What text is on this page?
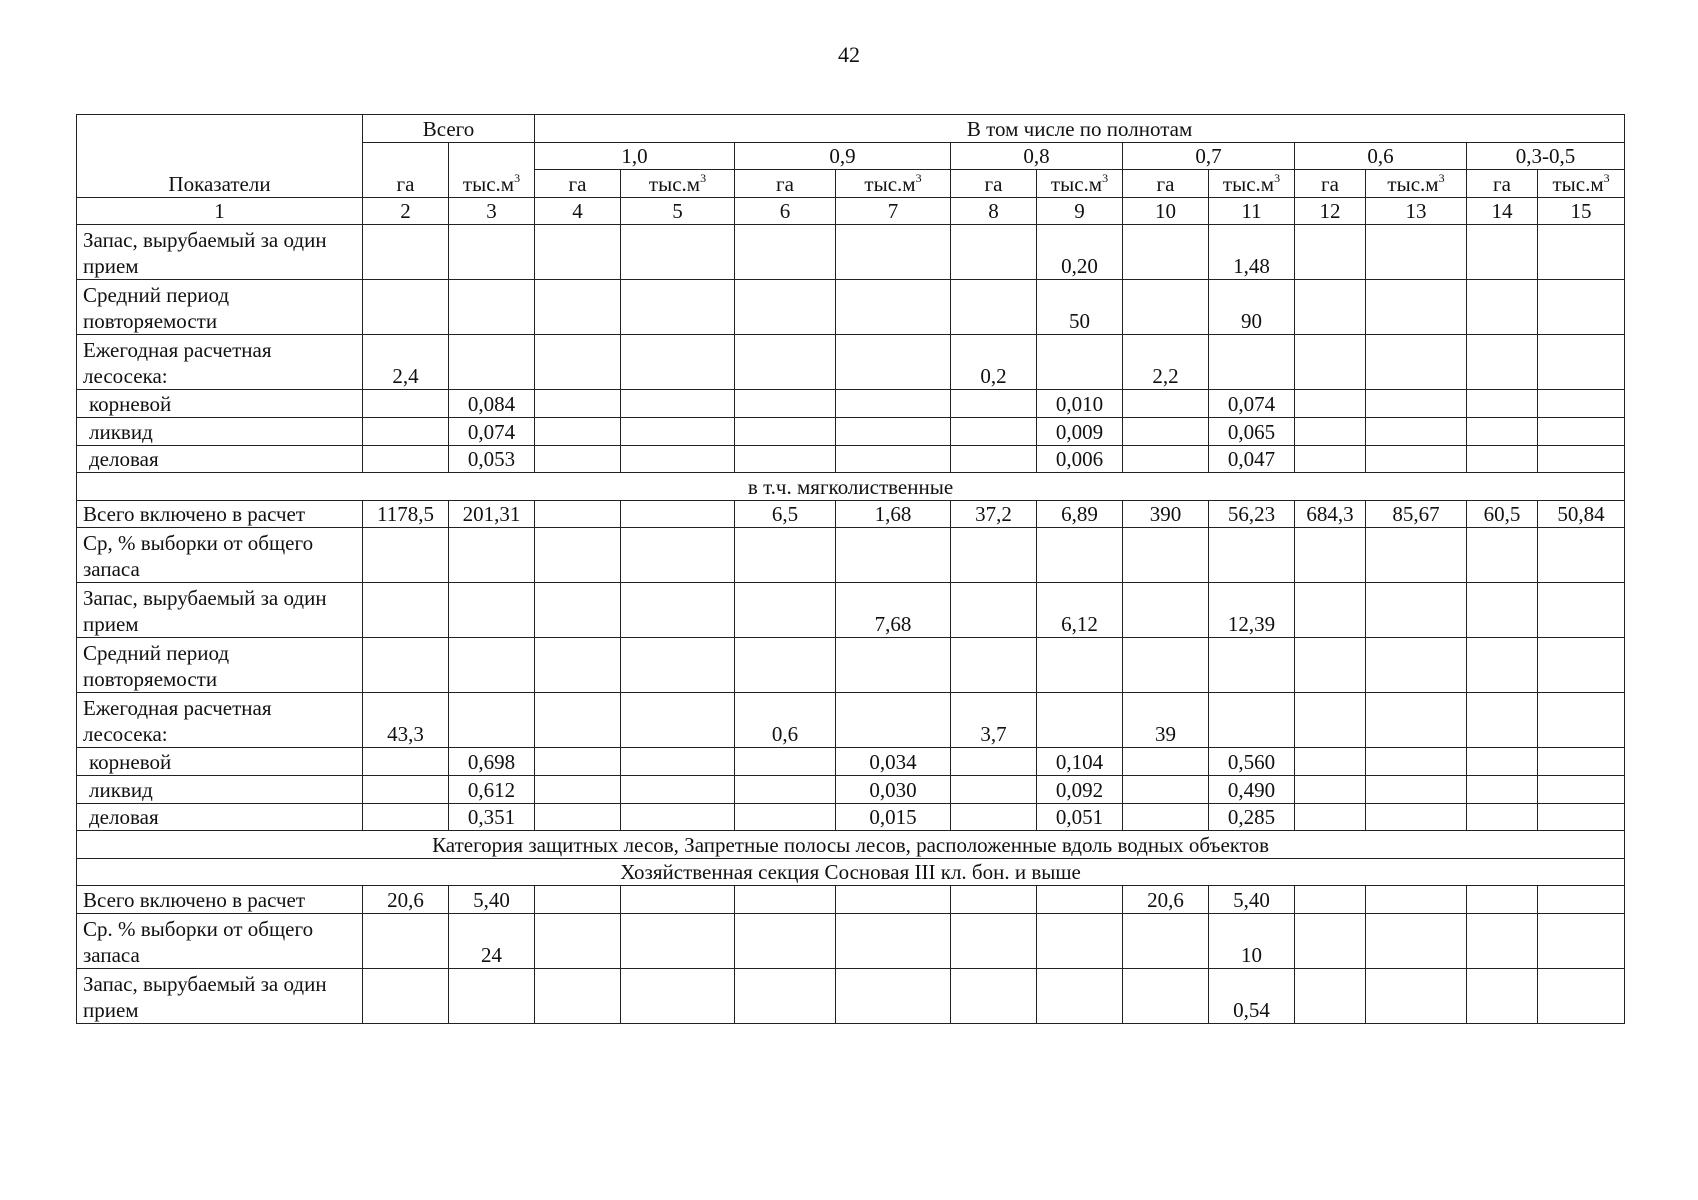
42
Показатели	Всего		В том числе по полнотам											
	га	$тыс.м^3$	1,0		0,9		0,8		0,7		0,6		0,3-0,5	
			га	$тыс.м^3$	га	$тыс.м^3$	га	$тыс.м^3$	га	$тыс.м^3$	га	$тыс.м^3$	га	$тыс.м^3$
1	2	3	4	5	6	7	8	9	10	11	12	13	14	15
Запас, вырубаемый за один прием								0,20		1,48				
Средний период повторяемости								50		90				
Ежегодная расчетная лесосека:	2,4						0,2		2,2					
корневой		0,084						0,010		0,074				
ликвид		0,074						0,009		0,065				
деловая		0,053						0,006		0,047				
в т.ч. мягколиственные														
Всего включено в расчет	1178,5	201,31			6,5	1,68	37,2	6,89	390	56,23	684,3	85,67	60,5	50,84
Ср, % выборки от общего запаса														
Запас, вырубаемый за один прием						7,68		6,12		12,39				
Средний период повторяемости														
Ежегодная расчетная лесосека:	43,3				0,6		3,7		39					
корневой		0,698				0,034		0,104		0,560				
ликвид		0,612				0,030		0,092		0,490				
деловая		0,351				0,015		0,051		0,285				
Категория защитных лесов, Запретные полосы лесов, расположенные вдоль водных объектов														
Хозяйственная секция Сосновая III кл. бон. и выше														
Всего включено в расчет	20,6	5,40							20,6	5,40				
Ср. % выборки от общего запаса		24								10				
Запас, вырубаемый за один прием										0,54				
